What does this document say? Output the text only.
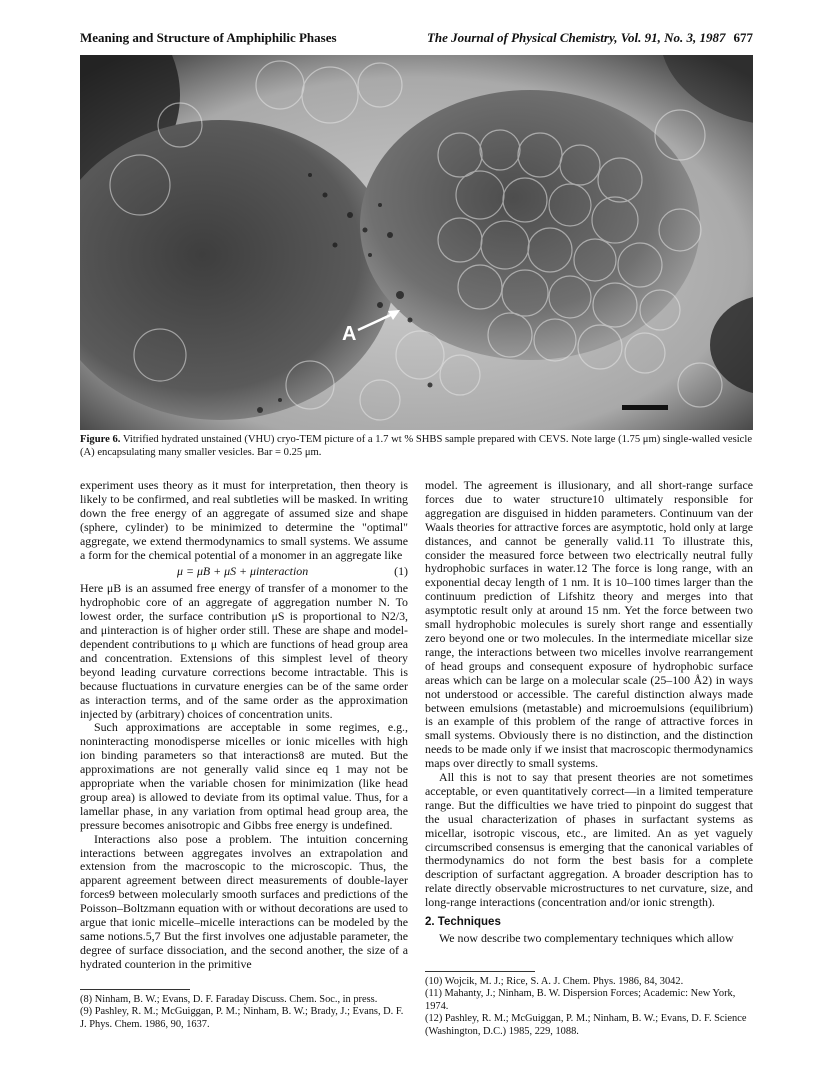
Meaning and Structure of Amphiphilic Phases	The Journal of Physical Chemistry, Vol. 91, No. 3, 1987 677
A
Figure 6. Vitrified hydrated unstained (VHU) cryo-TEM picture of a 1.7 wt % SHBS sample prepared with CEVS. Note large (1.75 μm) single-walled vesicle (A) encapsulating many smaller vesicles. Bar = 0.25 μm.

experiment uses theory as it must for interpretation, then theory is likely to be confirmed, and real subtleties will be masked. In writing down the free energy of an aggregate of assumed size and shape (sphere, cylinder) to be minimized to determine the "optimal" aggregate, we extend thermodynamics to small systems. We assume a form for the chemical potential of a monomer in an aggregate like

μ = μB + μS + μinteraction	(1)

Here μB is an assumed free energy of transfer of a monomer to the hydrophobic core of an aggregate of aggregation number N. To lowest order, the surface contribution μS is proportional to N2/3, and μinteraction is of higher order still. These are shape and model-dependent contributions to μ which are functions of head group area and concentration. Extensions of this simplest level of theory beyond leading curvature corrections become intractable. This is because fluctuations in curvature energies can be of the same order as interaction terms, and of the same order as the approximation injected by (arbitrary) choices of concentration units.

Such approximations are acceptable in some regimes, e.g., noninteracting monodisperse micelles or ionic micelles with high ion binding parameters so that interactions8 are muted. But the approximations are not generally valid since eq 1 may not be appropriate when the variable chosen for minimization (like head group area) is allowed to deviate from its optimal value. Thus, for a lamellar phase, in any variation from optimal head group area, the pressure becomes anisotropic and Gibbs free energy is undefined.

Interactions also pose a problem. The intuition concerning interactions between aggregates involves an extrapolation and extension from the macroscopic to the microscopic. Thus, the apparent agreement between direct measurements of double-layer forces9 between molecularly smooth surfaces and predictions of the Poisson–Boltzmann equation with or without decorations are used to argue that ionic micelle–micelle interactions can be modeled by the same notions.5,7 But the first involves one adjustable parameter, the degree of surface dissociation, and the second another, the size of a hydrated counterion in the primitive

model. The agreement is illusionary, and all short-range surface forces due to water structure10 ultimately responsible for aggregation are disguised in hidden parameters. Continuum van der Waals theories for attractive forces are asymptotic, hold only at large distances, and cannot be generally valid.11 To illustrate this, consider the measured force between two electrically neutral fully hydrophobic surfaces in water.12 The force is long range, with an exponential decay length of 1 nm. It is 10–100 times larger than the continuum prediction of Lifshitz theory and merges into that asymptotic result only at around 15 nm. Yet the force between two small hydrophobic molecules is surely short range and essentially zero beyond one or two molecules. In the intermediate micellar size range, the interactions between two micelles involve rearrangement of head groups and consequent exposure of hydrophobic surface areas which can be large on a molecular scale (25–100 Å2) in ways not understood or accessible. The careful distinction always made between emulsions (metastable) and microemulsions (equilibrium) is an example of this problem of the range of attractive forces in small systems. Obviously there is no distinction, and the distinction needs to be made only if we insist that macroscopic thermodynamics maps over directly to small systems.

All this is not to say that present theories are not sometimes acceptable, or even quantitatively correct—in a limited temperature range. But the difficulties we have tried to pinpoint do suggest that the usual characterization of phases in surfactant systems as micellar, isotropic viscous, etc., are limited. An as yet vaguely circumscribed consensus is emerging that the canonical variables of thermodynamics do not form the best basis for a complete description of surfactant aggregation. A broader description has to relate directly observable microstructures to net curvature, size, and long-range interactions (concentration and/or ionic strength).

2. Techniques

We now describe two complementary techniques which allow

(8) Ninham, B. W.; Evans, D. F. Faraday Discuss. Chem. Soc., in press.

(9) Pashley, R. M.; McGuiggan, P. M.; Ninham, B. W.; Brady, J.; Evans, D. F. J. Phys. Chem. 1986, 90, 1637.

(10) Wojcik, M. J.; Rice, S. A. J. Chem. Phys. 1986, 84, 3042.

(11) Mahanty, J.; Ninham, B. W. Dispersion Forces; Academic: New York, 1974.

(12) Pashley, R. M.; McGuiggan, P. M.; Ninham, B. W.; Evans, D. F. Science (Washington, D.C.) 1985, 229, 1088.
